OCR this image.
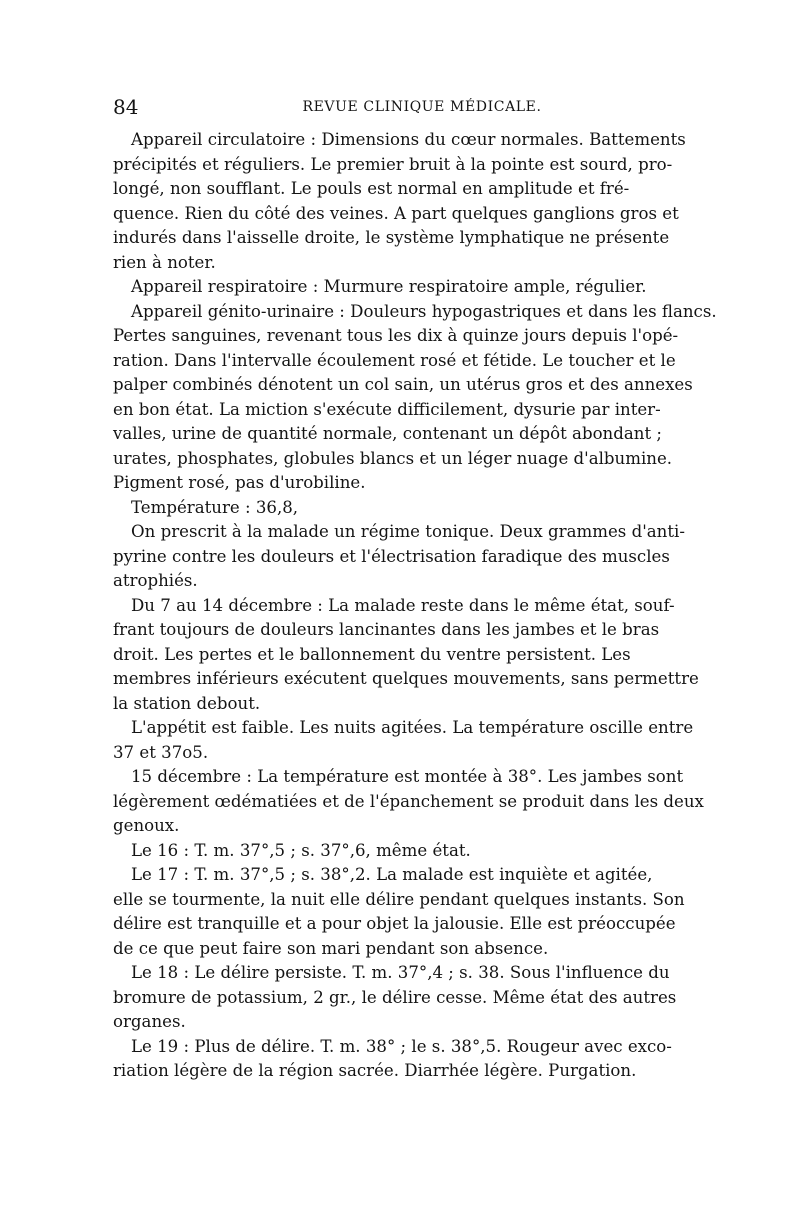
84	REVUE CLINIQUE MÉDICALE.

Appareil circulatoire : Dimensions du cœur normales. Battements
précipités et réguliers. Le premier bruit à la pointe est sourd, pro-
longé, non soufflant. Le pouls est normal en amplitude et fré-
quence. Rien du côté des veines. A part quelques ganglions gros et
indurés dans l'aisselle droite, le système lymphatique ne présente
rien à noter.

Appareil respiratoire : Murmure respiratoire ample, régulier.

Appareil génito-urinaire : Douleurs hypogastriques et dans les flancs.
Pertes sanguines, revenant tous les dix à quinze jours depuis l'opé-
ration. Dans l'intervalle écoulement rosé et fétide. Le toucher et le
palper combinés dénotent un col sain, un utérus gros et des annexes
en bon état. La miction s'exécute difficilement, dysurie par inter-
valles, urine de quantité normale, contenant un dépôt abondant ;
urates, phosphates, globules blancs et un léger nuage d'albumine.
Pigment rosé, pas d'urobiline.

Température : 36,8,

On prescrit à la malade un régime tonique. Deux grammes d'anti-
pyrine contre les douleurs et l'électrisation faradique des muscles
atrophiés.

Du 7 au 14 décembre : La malade reste dans le même état, souf-
frant toujours de douleurs lancinantes dans les jambes et le bras
droit. Les pertes et le ballonnement du ventre persistent. Les
membres inférieurs exécutent quelques mouvements, sans permettre
la station debout.

L'appétit est faible. Les nuits agitées. La température oscille entre
37 et 37o5.

15 décembre : La température est montée à 38°. Les jambes sont
légèrement œdématiées et de l'épanchement se produit dans les deux
genoux.

Le 16 : T. m. 37°,5 ; s. 37°,6, même état.

Le 17 : T. m. 37°,5 ; s. 38°,2. La malade est inquiète et agitée,
elle se tourmente, la nuit elle délire pendant quelques instants. Son
délire est tranquille et a pour objet la jalousie. Elle est préoccupée
de ce que peut faire son mari pendant son absence.

Le 18 : Le délire persiste. T. m. 37°,4 ; s. 38. Sous l'influence du
bromure de potassium, 2 gr., le délire cesse. Même état des autres
organes.

Le 19 : Plus de délire. T. m. 38° ; le s. 38°,5. Rougeur avec exco-
riation légère de la région sacrée. Diarrhée légère. Purgation.
